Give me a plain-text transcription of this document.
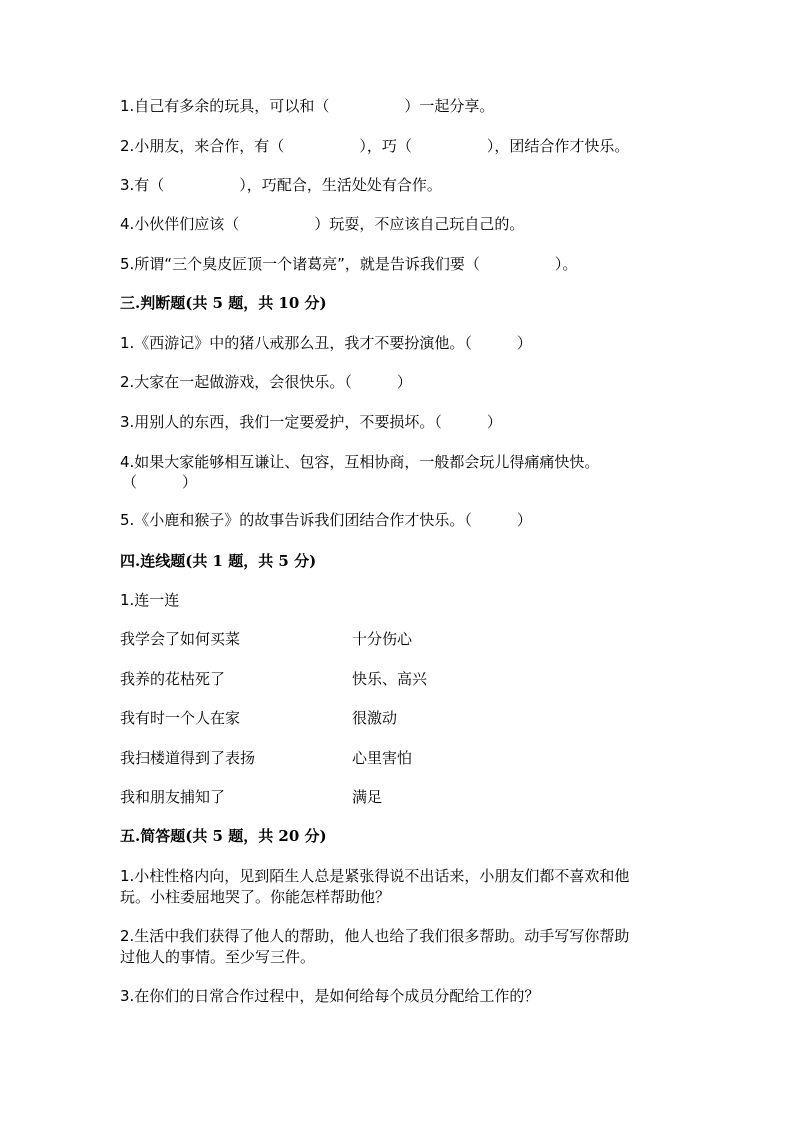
1.自己有多余的玩具，可以和（　　　　　）一起分享。
2.小朋友，来合作，有（　　　　　），巧（　　　　　），团结合作才快乐。
3.有（　　　　　），巧配合，生活处处有合作。
4.小伙伴们应该（　　　　　）玩耍，不应该自己玩自己的。
5.所谓“三个臭皮匠顶一个诸葛亮”，就是告诉我们要（　　　　　）。
三.判断题(共 5 题，共 10 分)
1.《西游记》中的猪八戒那么丑，我才不要扮演他。（　　　）
2.大家在一起做游戏，会很快乐。（　　　）
3.用别人的东西，我们一定要爱护，不要损坏。（　　　）
4.如果大家能够相互谦让、包容，互相协商，一般都会玩儿得痛痛快快。
（　　　）
5.《小鹿和猴子》的故事告诉我们团结合作才快乐。（　　　）
四.连线题(共 1 题，共 5 分)
1.连一连
我学会了如何买菜	十分伤心
我养的花枯死了	快乐、高兴
我有时一个人在家	很激动
我扫楼道得到了表扬	心里害怕
我和朋友捕知了	满足
五.简答题(共 5 题，共 20 分)
1.小柱性格内向，见到陌生人总是紧张得说不出话来，小朋友们都不喜欢和他
玩。小柱委屈地哭了。你能怎样帮助他？
2.生活中我们获得了他人的帮助，他人也给了我们很多帮助。动手写写你帮助
过他人的事情。至少写三件。
3.在你们的日常合作过程中，是如何给每个成员分配给工作的？
